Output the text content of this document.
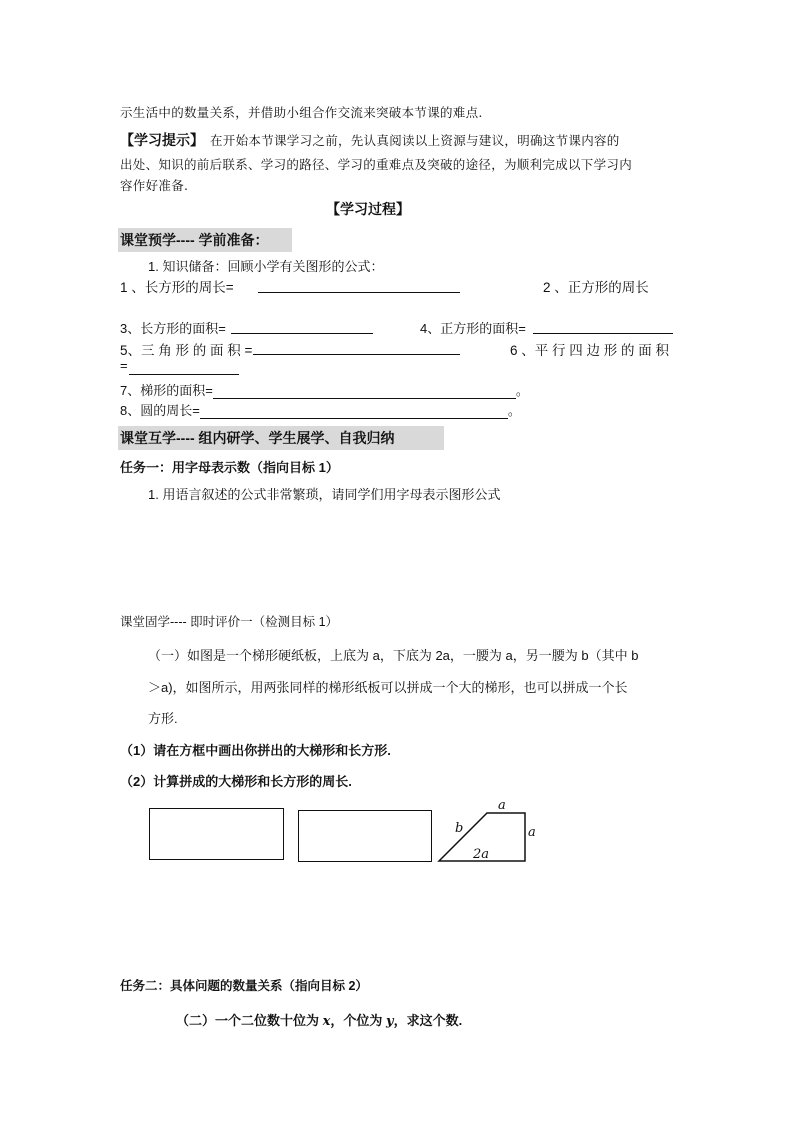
示生活中的数量关系，并借助小组合作交流来突破本节课的难点.
【学习提示】 在开始本节课学习之前，先认真阅读以上资源与建议，明确这节课内容的
出处、知识的前后联系、学习的路径、学习的重难点及突破的途径，为顺利完成以下学习内
容作好准备.
【学习过程】
课堂预学---- 学前准备：
1. 知识储备：回顾小学有关图形的公式：
1 、长方形的周长=	2 、正方形的周长
3、长方形的面积=	4、正方形的面积=
5、三 角 形 的 面 积 =	6 、平 行 四 边 形 的 面 积
=
7、梯形的面积=	。
8、圆的周长=	。
课堂互学---- 组内研学、学生展学、自我归纳
任务一：用字母表示数（指向目标 1）
1. 用语言叙述的公式非常繁琐，请同学们用字母表示图形公式
课堂固学---- 即时评价一（检测目标 1）
（一）如图是一个梯形硬纸板，上底为 a，下底为 2a，一腰为 a，另一腰为 b（其中 b
＞a)，如图所示，用两张同样的梯形纸板可以拼成一个大的梯形，也可以拼成一个长
方形.
（1）请在方框中画出你拼出的大梯形和长方形.
（2）计算拼成的大梯形和长方形的周长.
a
a
b
2a
任务二：具体问题的数量关系（指向目标 2）
（二）一个二位数十位为 x，个位为 y，求这个数.
